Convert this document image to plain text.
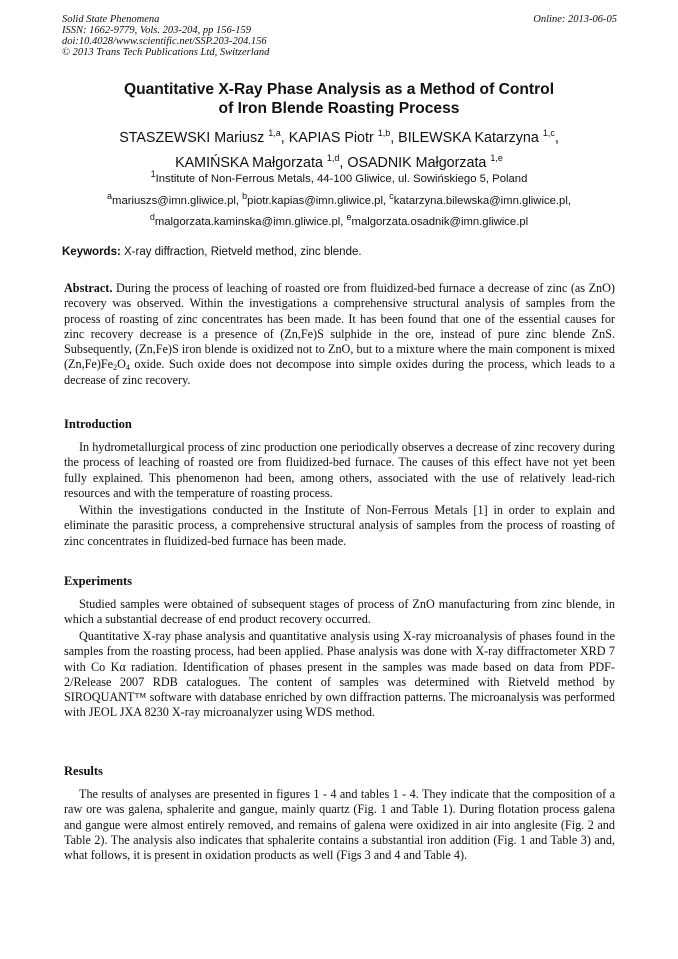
Solid State Phenomena
ISSN: 1662-9779, Vols. 203-204, pp 156-159
doi:10.4028/www.scientific.net/SSP.203-204.156
© 2013 Trans Tech Publications Ltd, Switzerland
Online: 2013-06-05
Quantitative X-Ray Phase Analysis as a Method of Control
of Iron Blende Roasting Process
STASZEWSKI Mariusz $^{1,a}$, KAPIAS Piotr $^{1,b}$, BILEWSKA Katarzyna $^{1,c}$,
KAMIŃSKA Małgorzata $^{1,d}$, OSADNIK Małgorzata $^{1,e}$
$^1$Institute of Non-Ferrous Metals, 44-100 Gliwice, ul. Sowińskiego 5, Poland
$^a$mariuszs@imn.gliwice.pl, $^b$piotr.kapias@imn.gliwice.pl, $^c$katarzyna.bilewska@imn.gliwice.pl,
$^d$malgorzata.kaminska@imn.gliwice.pl, $^e$malgorzata.osadnik@imn.gliwice.pl
Keywords: X-ray diffraction, Rietveld method, zinc blende.
Abstract. During the process of leaching of roasted ore from fluidized-bed furnace a decrease of zinc (as ZnO) recovery was observed. Within the investigations a comprehensive structural analysis of samples from the process of roasting of zinc concentrates has been made. It has been found that one of the essential causes for zinc recovery decrease is a presence of (Zn,Fe)S sulphide in the ore, instead of pure zinc blende ZnS. Subsequently, (Zn,Fe)S iron blende is oxidized not to ZnO, but to a mixture where the main component is mixed $(Zn,Fe)Fe_2O_4$ oxide. Such oxide does not decompose into simple oxides during the process, which leads to a decrease of zinc recovery.
Introduction
In hydrometallurgical process of zinc production one periodically observes a decrease of zinc recovery during the process of leaching of roasted ore from fluidized-bed furnace. The causes of this effect have not yet been fully explained. This phenomenon had been, among others, associated with the use of relatively lead-rich resources and with the temperature of roasting process.
Within the investigations conducted in the Institute of Non-Ferrous Metals [1] in order to explain and eliminate the parasitic process, a comprehensive structural analysis of samples from the process of roasting of zinc concentrates in fluidized-bed furnace has been made.
Experiments
Studied samples were obtained of subsequent stages of process of ZnO manufacturing from zinc blende, in which a substantial decrease of end product recovery occurred.
Quantitative X-ray phase analysis and quantitative analysis using X-ray microanalysis of phases found in the samples from the roasting process, had been applied. Phase analysis was done with X-ray diffractometer XRD 7 with Co Kα radiation. Identification of phases present in the samples was made based on data from PDF-2/Release 2007 RDB catalogues. The content of samples was determined with Rietveld method by SIROQUANT™ software with database enriched by own diffraction patterns. The microanalysis was performed with JEOL JXA 8230 X-ray microanalyzer using WDS method.
Results
The results of analyses are presented in figures 1 - 4 and tables 1 - 4. They indicate that the composition of a raw ore was galena, sphalerite and gangue, mainly quartz (Fig. 1 and Table 1). During flotation process galena and gangue were almost entirely removed, and remains of galena were oxidized in air into anglesite (Fig. 2 and Table 2). The analysis also indicates that sphalerite contains a substantial iron addition (Fig. 1 and Table 3) and, what follows, it is present in oxidation products as well (Figs 3 and 4 and Table 4).
